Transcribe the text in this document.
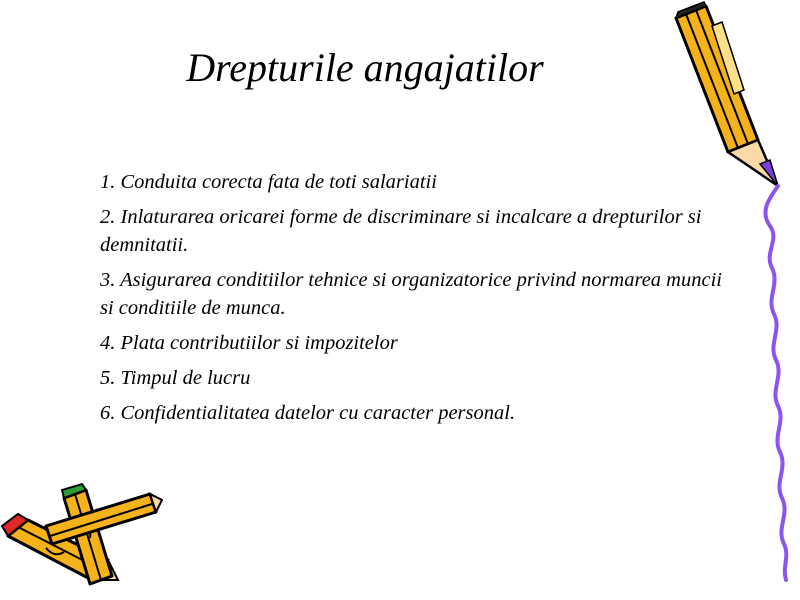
Drepturile angajatilor
1. Conduita corecta fata de toti salariatii
2. Inlaturarea oricarei forme de discriminare si incalcare a drepturilor si demnitatii.
3. Asigurarea conditiilor tehnice si organizatorice privind normarea muncii si conditiile de munca.
4. Plata contributiilor si impozitelor
5. Timpul de lucru
6. Confidentialitatea datelor cu caracter personal.
